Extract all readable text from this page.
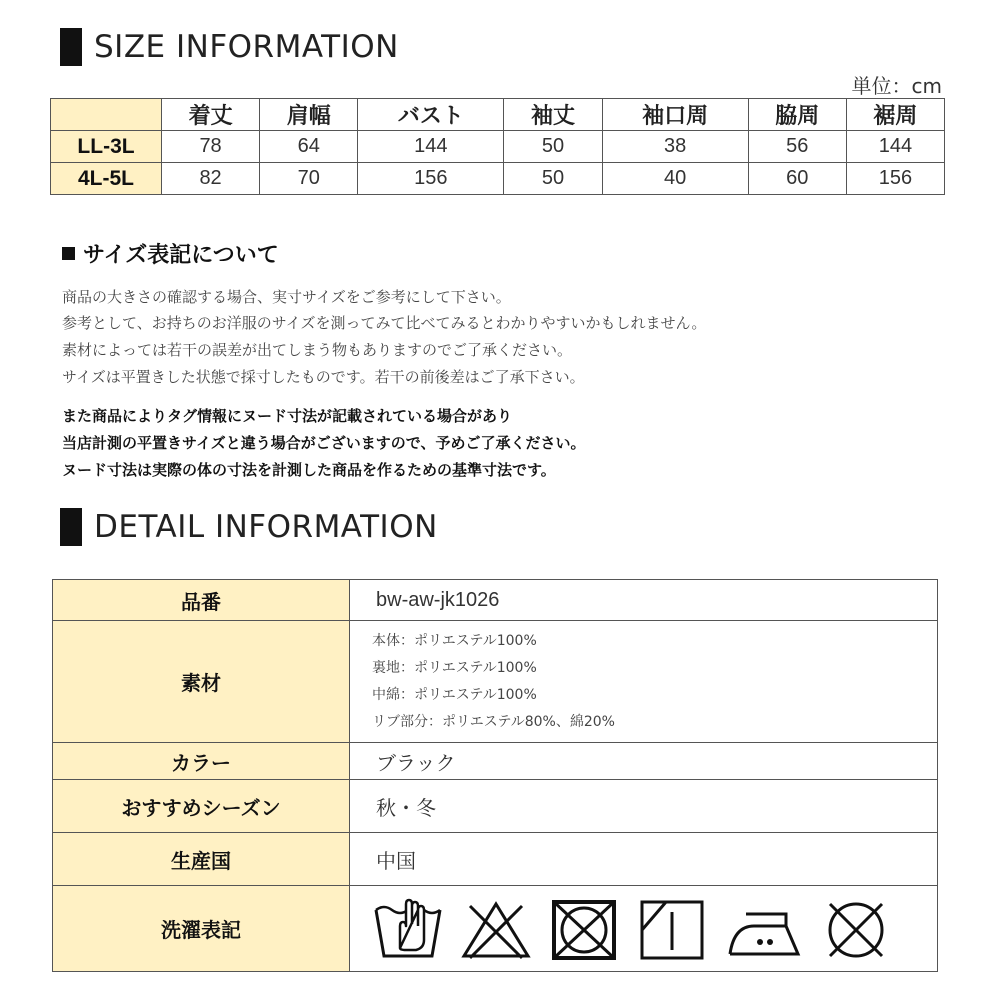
SIZE INFORMATION
単位：cm
	着丈	肩幅	バスト	袖丈	袖口周	脇周	裾周
LL-3L	78	64	144	50	38	56	144
4L-5L	82	70	156	50	40	60	156
サイズ表記について
商品の大きさの確認する場合、実寸サイズをご参考にして下さい。
参考として、お持ちのお洋服のサイズを測ってみて比べてみるとわかりやすいかもしれません。
素材によっては若干の誤差が出てしまう物もありますのでご了承ください。
サイズは平置きした状態で採寸したものです。若干の前後差はご了承下さい。
また商品によりタグ情報にヌード寸法が記載されている場合があり
当店計測の平置きサイズと違う場合がございますので、予めご了承ください。
ヌード寸法は実際の体の寸法を計測した商品を作るための基準寸法です。
DETAIL INFORMATION
品番	bw-aw-jk1026
素材	本体：ポリエステル100%
裏地：ポリエステル100%
中綿：ポリエステル100%
リブ部分：ポリエステル80%、綿20%

カラー	ブラック
おすすめシーズン	秋・冬
生産国	中国
洗濯表記	
